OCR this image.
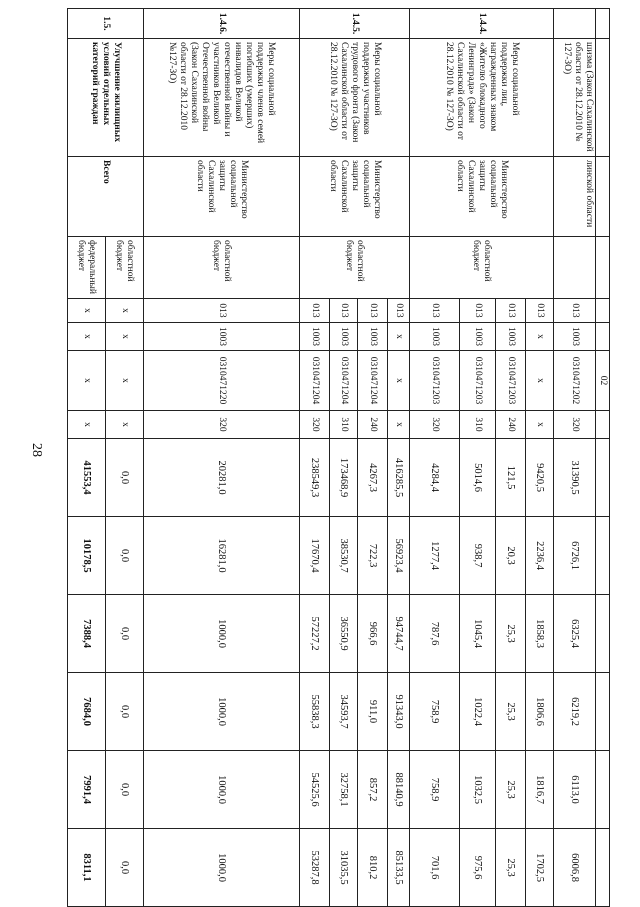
28
						02							
	шизма (Закон Сахалинской области от 28.12.2010 № 127-ЗО)	линской области		013	1003	0310471202	320	31390,5	6726,1	6325,4	6219,2	6113,0	6006,8
1.4.4.	Меры социальной поддержки лиц, награжденных знаком «Жителю блокадного Ленинграда» (Закон Сахалинской области от 28.12.2010 № 127-ЗО)	Министерство социальной защиты Сахалинской области	областной бюджет	013	х	х	х	9420,5	2236,4	1858,3	1806,6	1816,7	1702,5
				013	1003	0310471203	240	121,5	20,3	25,3	25,3	25,3	25,3
				013	1003	0310471203	310	5014,6	938,7	1045,4	1022,4	1032,5	975,6
				013	1003	0310471203	320	4284,4	1277,4	787,6	758,9	758,9	701,6
1.4.5.	Меры социальной поддержки участников трудового фронта (Закон Сахалинской области от 28.12.2010 № 127-ЗО)	Министерство социальной защиты Сахалинской области	областной бюджет	013	х	х	х	416285,5	56923,4	94744,7	91343,0	88140,9	85133,5
				013	1003	0310471204	240	4267,3	722,3	966,6	911,0	857,2	810,2
				013	1003	0310471204	310	173468,9	38530,7	36550,9	34593,7	32758,1	31035,5
				013	1003	0310471204	320	238549,3	17670,4	57227,2	55838,3	54525,6	53287,8
1.4.6.	Меры социальной поддержки членов семей погибших (умерших) инвалидов Великой отечественной войны и участников Великой Отечественной войны (Закон Сахалинской области от 28.12.2010 №127-ЗО)	Министерство социальной защиты Сахалинской области	областной бюджет	013	1003	0310471220	320	20281,0	16281,0	1000,0	1000,0	1000,0	1000,0
1.5.	Улучшение жилищных условий отдельных категорий граждан	Всего	областной бюджет	х	х	х	х	0,0	0,0	0,0	0,0	0,0	0,0
			федеральный бюджет	х	х	х	х	41553,4	10178,5	7388,4	7684,0	7991,4	8311,1
